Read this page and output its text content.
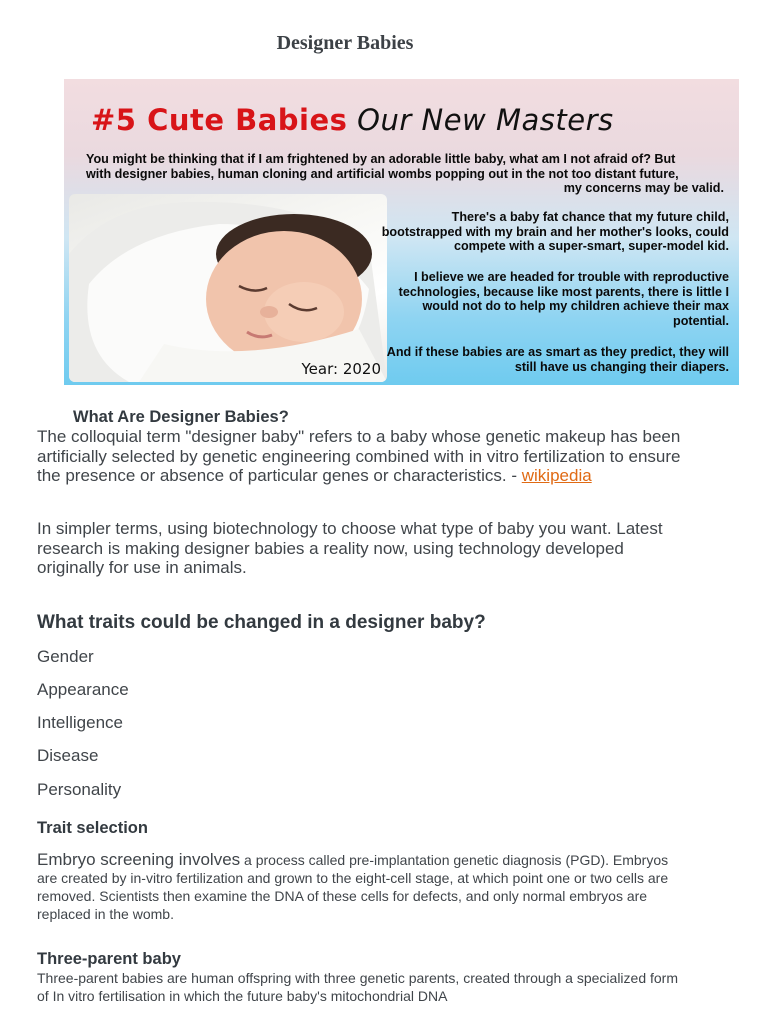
Designer Babies
#5 Cute Babies Our New Masters
You might be thinking that if I am frightened by an adorable little baby, what am I not afraid of? But
with designer babies, human cloning and artificial wombs popping out in the not too distant future,
my concerns may be valid.
Year: 2020
There's a baby fat chance that my future child, bootstrapped with my brain and her mother's looks, could compete with a super-smart, super-model kid.
I believe we are headed for trouble with reproductive technologies, because like most parents, there is little I would not do to help my children achieve their max potential.
And if these babies are as smart as they predict, they will still have us changing their diapers.
What Are Designer Babies?
The colloquial term "designer baby" refers to a baby whose genetic makeup has been artificially selected by genetic engineering combined with in vitro fertilization to ensure the presence or absence of particular genes or characteristics. - wikipedia
In simpler terms, using biotechnology to choose what type of baby you want. Latest research is making designer babies a reality now, using technology developed originally for use in animals.
What traits could be changed in a designer baby?
Gender
Appearance
Intelligence
Disease
Personality
Trait selection
Embryo screening involves a process called pre-implantation genetic diagnosis (PGD). Embryos are created by in-vitro fertilization and grown to the eight-cell stage, at which point one or two cells are removed. Scientists then examine the DNA of these cells for defects, and only normal embryos are replaced in the womb.
Three-parent baby
Three-parent babies are human offspring with three genetic parents, created through a specialized form of In vitro fertilisation in which the future baby's mitochondrial DNA
